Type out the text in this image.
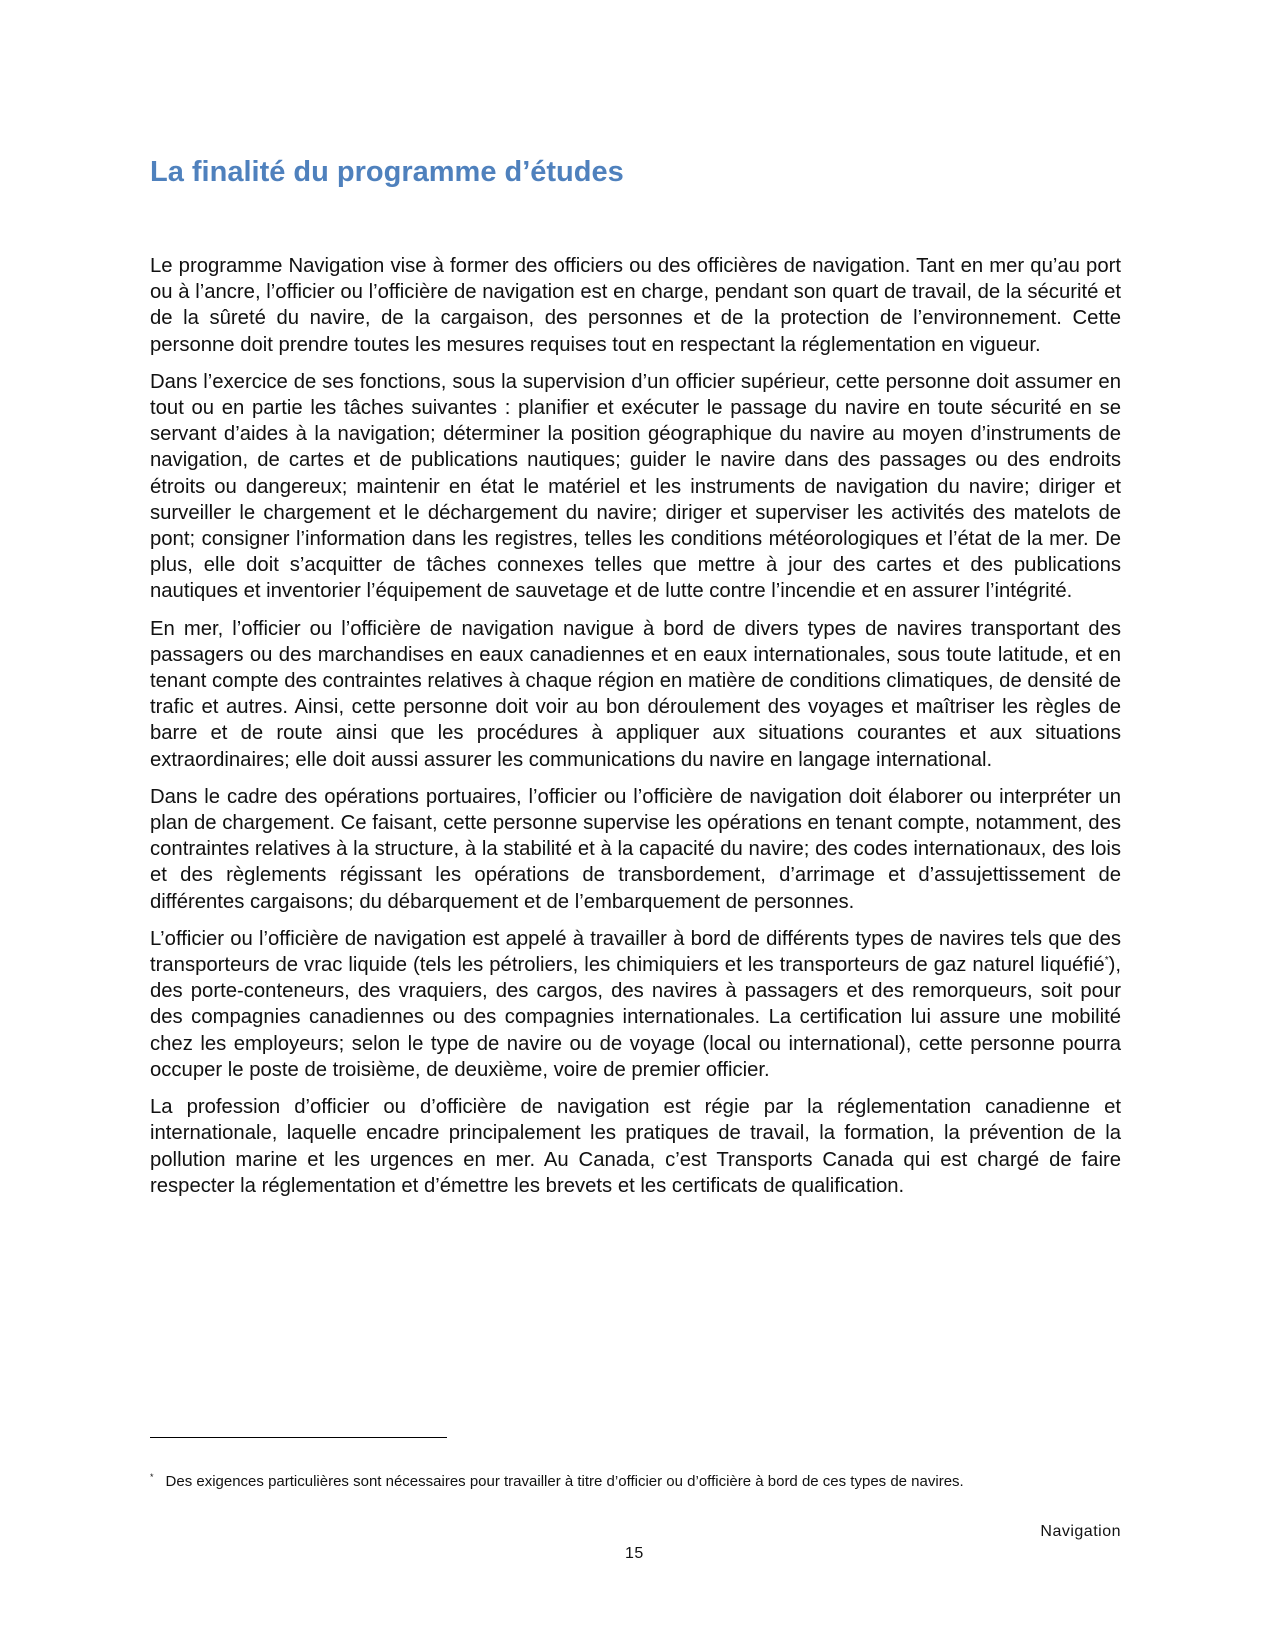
La finalité du programme d’études

Le programme Navigation vise à former des officiers ou des officières de navigation. Tant en mer qu’au port ou à l’ancre, l’officier ou l’officière de navigation est en charge, pendant son quart de travail, de la sécurité et de la sûreté du navire, de la cargaison, des personnes et de la protection de l’environnement. Cette personne doit prendre toutes les mesures requises tout en respectant la réglementation en vigueur.

Dans l’exercice de ses fonctions, sous la supervision d’un officier supérieur, cette personne doit assumer en tout ou en partie les tâches suivantes : planifier et exécuter le passage du navire en toute sécurité en se servant d’aides à la navigation; déterminer la position géographique du navire au moyen d’instruments de navigation, de cartes et de publications nautiques; guider le navire dans des passages ou des endroits étroits ou dangereux; maintenir en état le matériel et les instruments de navigation du navire; diriger et surveiller le chargement et le déchargement du navire; diriger et superviser les activités des matelots de pont; consigner l’information dans les registres, telles les conditions météorologiques et l’état de la mer. De plus, elle doit s’acquitter de tâches connexes telles que mettre à jour des cartes et des publications nautiques et inventorier l’équipement de sauvetage et de lutte contre l’incendie et en assurer l’intégrité.

En mer, l’officier ou l’officière de navigation navigue à bord de divers types de navires transportant des passagers ou des marchandises en eaux canadiennes et en eaux internationales, sous toute latitude, et en tenant compte des contraintes relatives à chaque région en matière de conditions climatiques, de densité de trafic et autres. Ainsi, cette personne doit voir au bon déroulement des voyages et maîtriser les règles de barre et de route ainsi que les procédures à appliquer aux situations courantes et aux situations extraordinaires; elle doit aussi assurer les communications du navire en langage international.

Dans le cadre des opérations portuaires, l’officier ou l’officière de navigation doit élaborer ou interpréter un plan de chargement. Ce faisant, cette personne supervise les opérations en tenant compte, notamment, des contraintes relatives à la structure, à la stabilité et à la capacité du navire; des codes internationaux, des lois et des règlements régissant les opérations de transbordement, d’arrimage et d’assujettissement de différentes cargaisons; du débarquement et de l’embarquement de personnes.

L’officier ou l’officière de navigation est appelé à travailler à bord de différents types de navires tels que des transporteurs de vrac liquide (tels les pétroliers, les chimiquiers et les transporteurs de gaz naturel liquéfié*), des porte-conteneurs, des vraquiers, des cargos, des navires à passagers et des remorqueurs, soit pour des compagnies canadiennes ou des compagnies internationales. La certification lui assure une mobilité chez les employeurs; selon le type de navire ou de voyage (local ou international), cette personne pourra occuper le poste de troisième, de deuxième, voire de premier officier.

La profession d’officier ou d’officière de navigation est régie par la réglementation canadienne et internationale, laquelle encadre principalement les pratiques de travail, la formation, la prévention de la pollution marine et les urgences en mer. Au Canada, c’est Transports Canada qui est chargé de faire respecter la réglementation et d’émettre les brevets et les certificats de qualification.

* Des exigences particulières sont nécessaires pour travailler à titre d’officier ou d’officière à bord de ces types de navires.
Navigation
15
